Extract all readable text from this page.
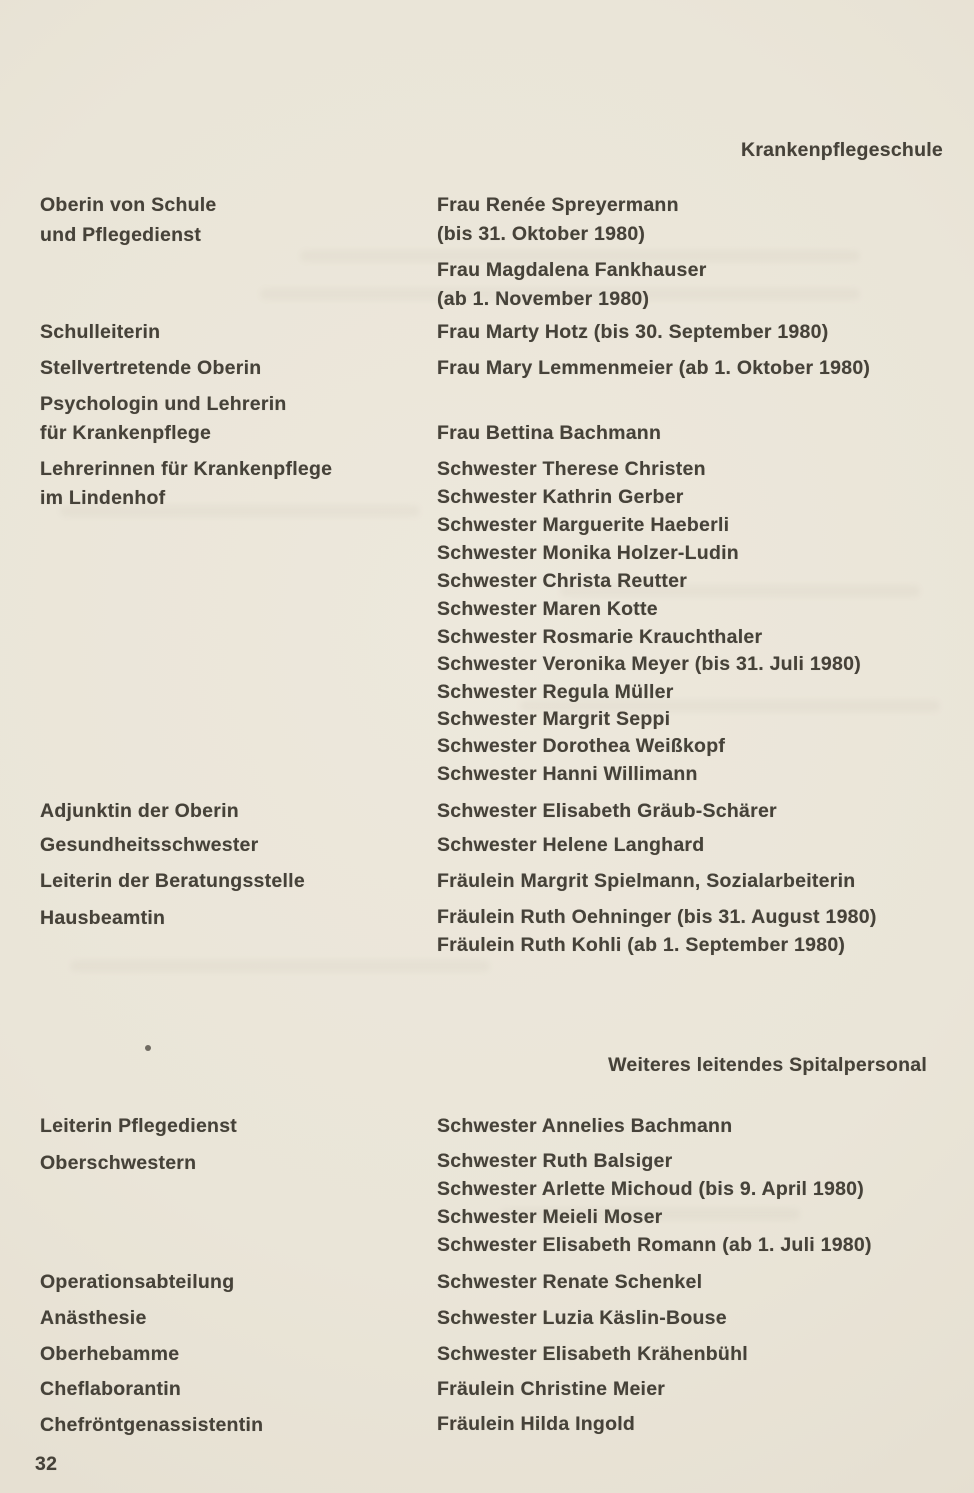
Krankenpflegeschule
Oberin von Schule
und Pflegedienst
Schulleiterin
Stellvertretende Oberin
Psychologin und Lehrerin
für Krankenpflege
Lehrerinnen für Krankenpflege
im Lindenhof
Adjunktin der Oberin
Gesundheitsschwester
Leiterin der Beratungsstelle
Hausbeamtin
Frau Renée Spreyermann
(bis 31. Oktober 1980)
Frau Magdalena Fankhauser
(ab 1. November 1980)
Frau Marty Hotz (bis 30. September 1980)
Frau Mary Lemmenmeier (ab 1. Oktober 1980)
Frau Bettina Bachmann
Schwester Therese Christen
Schwester Kathrin Gerber
Schwester Marguerite Haeberli
Schwester Monika Holzer-Ludin
Schwester Christa Reutter
Schwester Maren Kotte
Schwester Rosmarie Krauchthaler
Schwester Veronika Meyer (bis 31. Juli 1980)
Schwester Regula Müller
Schwester Margrit Seppi
Schwester Dorothea Weißkopf
Schwester Hanni Willimann
Schwester Elisabeth Gräub-Schärer
Schwester Helene Langhard
Fräulein Margrit Spielmann, Sozialarbeiterin
Fräulein Ruth Oehninger (bis 31. August 1980)
Fräulein Ruth Kohli (ab 1. September 1980)
Weiteres leitendes Spitalpersonal
Leiterin Pflegedienst
Oberschwestern
Operationsabteilung
Anästhesie
Oberhebamme
Cheflaborantin
Chefröntgenassistentin
Schwester Annelies Bachmann
Schwester Ruth Balsiger
Schwester Arlette Michoud (bis 9. April 1980)
Schwester Meieli Moser
Schwester Elisabeth Romann (ab 1. Juli 1980)
Schwester Renate Schenkel
Schwester Luzia Käslin-Bouse
Schwester Elisabeth Krähenbühl
Fräulein Christine Meier
Fräulein Hilda Ingold
32
